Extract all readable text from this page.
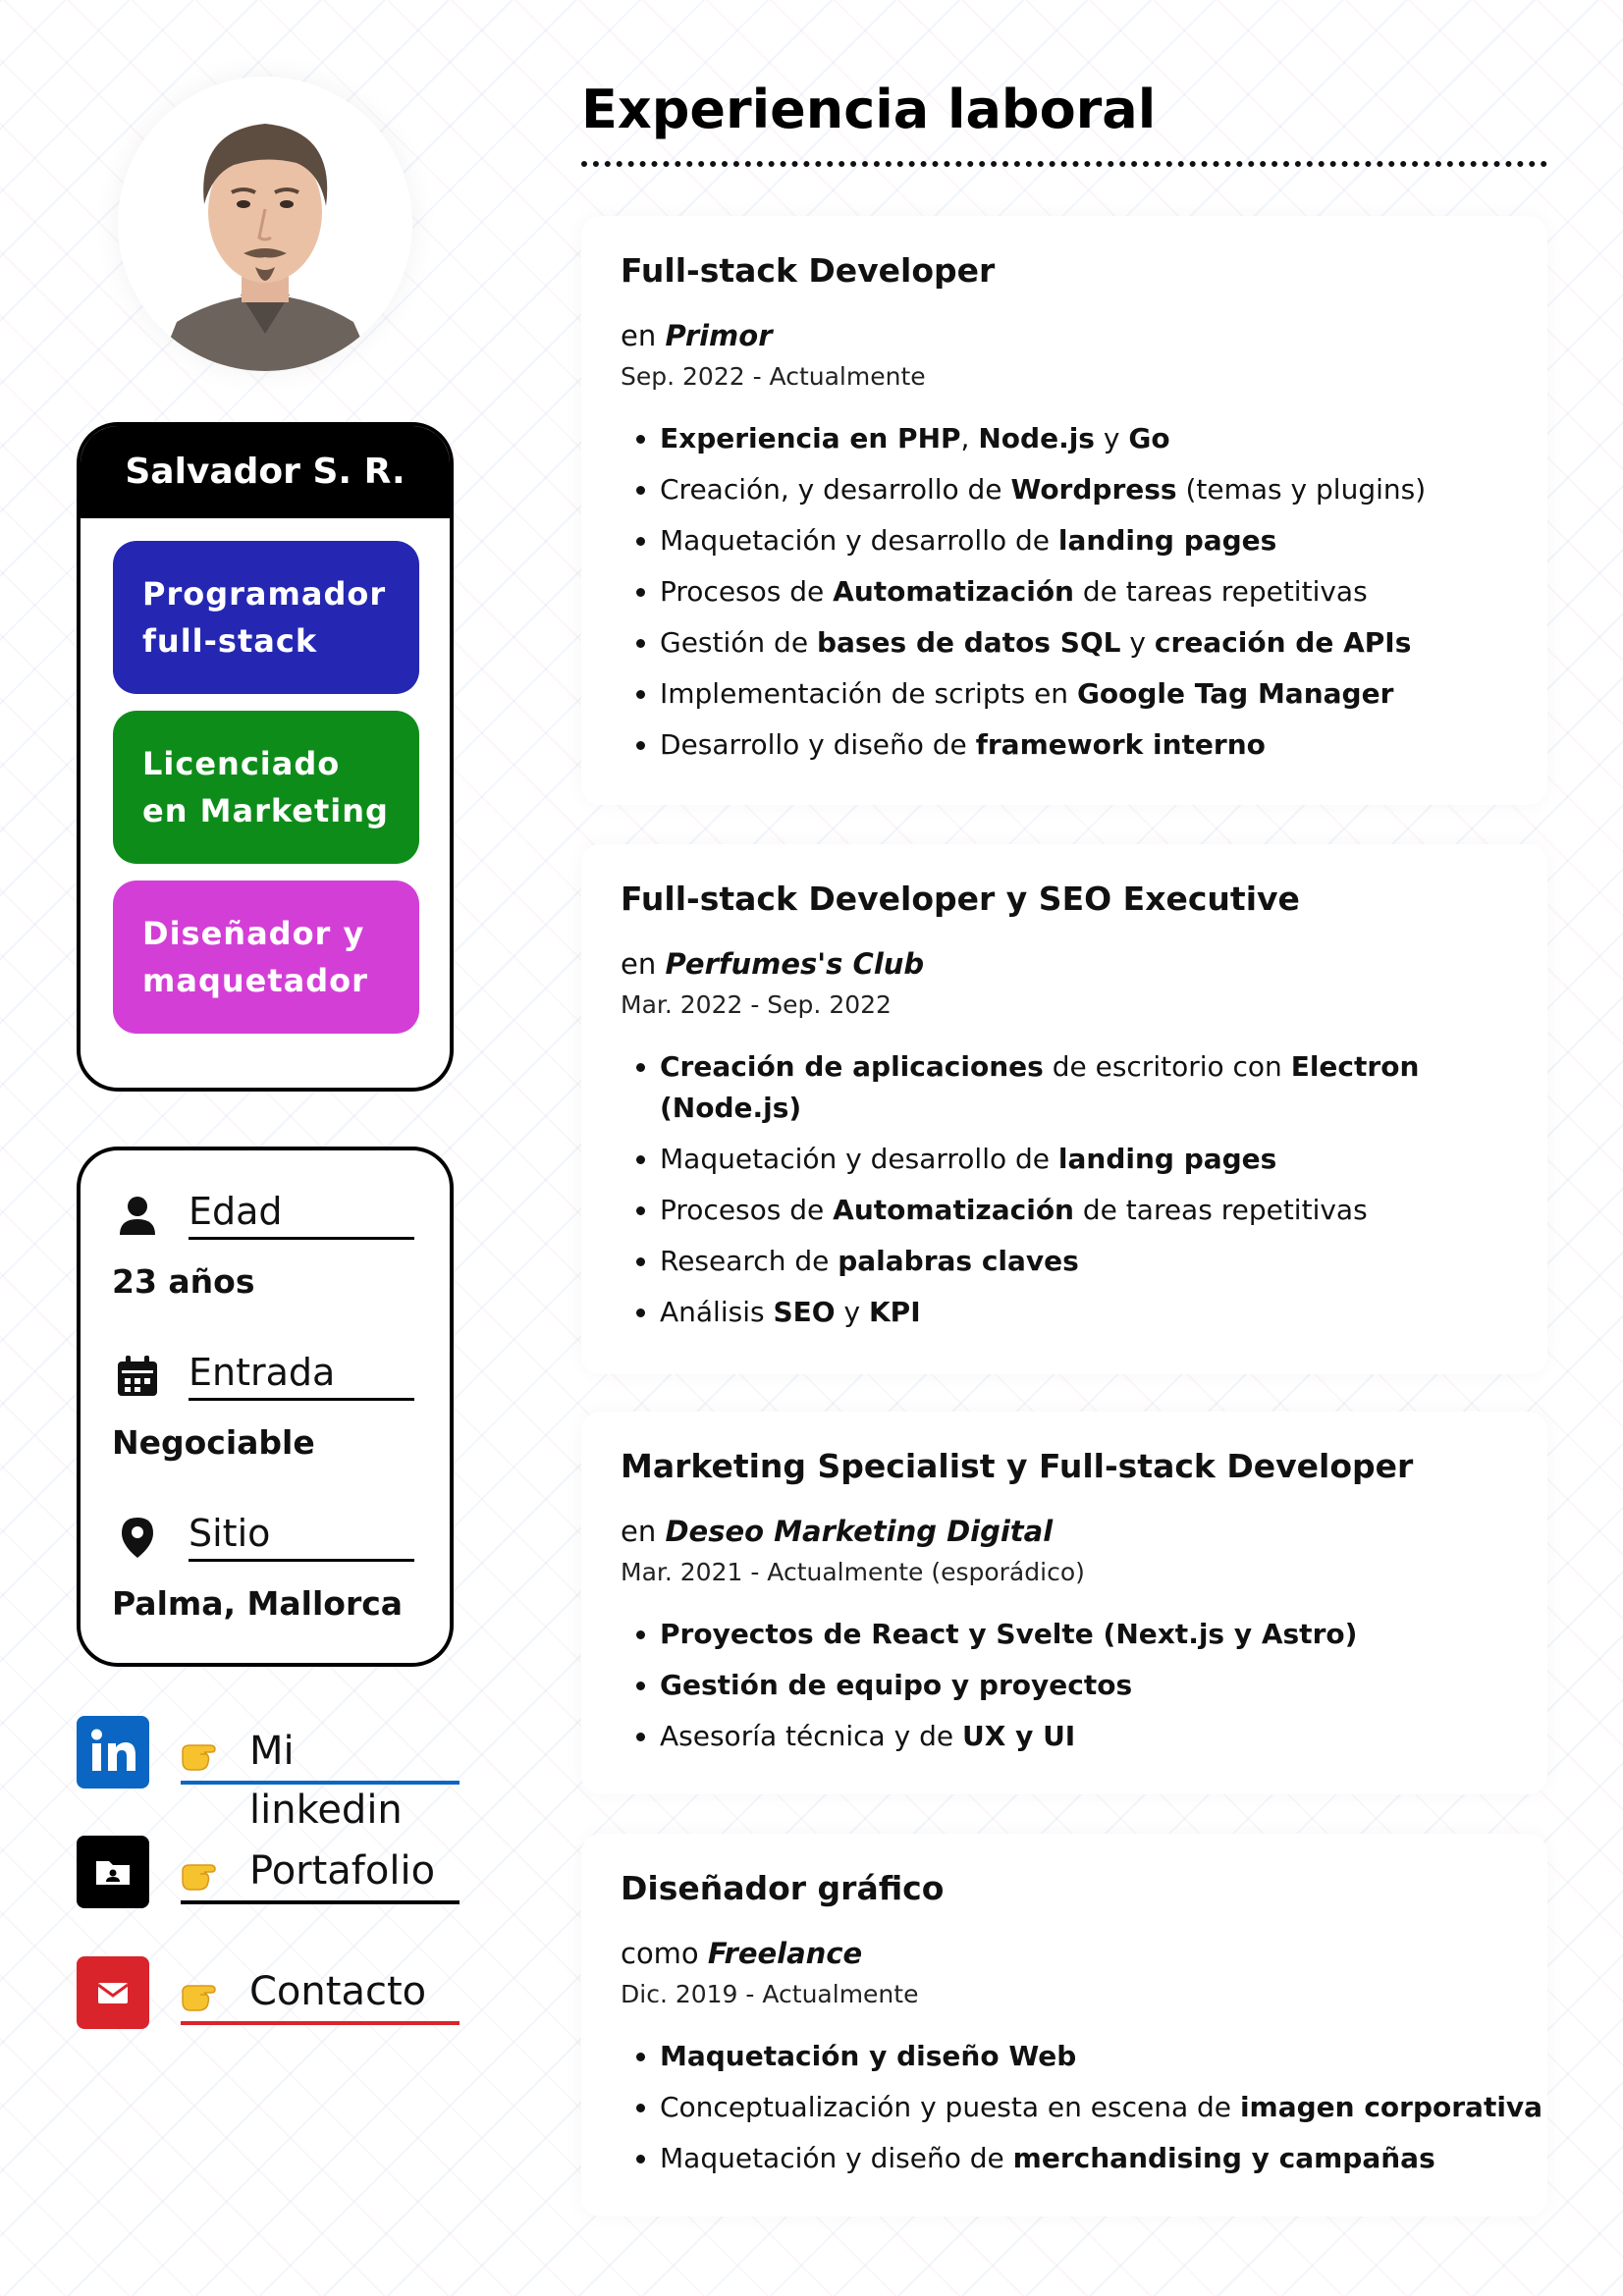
Salvador S. R.
Programador full-stack
Licenciado en Marketing
Diseñador y maquetador
Edad
23 años
Entrada
Negociable
Sitio
Palma, Mallorca
Mi linkedin
Portafolio
Contacto
Experiencia laboral
Full-stack Developer
en Primor
Sep. 2022 - Actualmente
• Experiencia en PHP, Node.js y Go
• Creación, y desarrollo de Wordpress (temas y plugins)
• Maquetación y desarrollo de landing pages
• Procesos de Automatización de tareas repetitivas
• Gestión de bases de datos SQL y creación de APIs
• Implementación de scripts en Google Tag Manager
• Desarrollo y diseño de framework interno
Full-stack Developer y SEO Executive
en Perfumes's Club
Mar. 2022 - Sep. 2022
• Creación de aplicaciones de escritorio con Electron (Node.js)
• Maquetación y desarrollo de landing pages
• Procesos de Automatización de tareas repetitivas
• Research de palabras claves
• Análisis SEO y KPI
Marketing Specialist y Full-stack Developer
en Deseo Marketing Digital
Mar. 2021 - Actualmente (esporádico)
• Proyectos de React y Svelte (Next.js y Astro)
• Gestión de equipo y proyectos
• Asesoría técnica y de UX y UI
Diseñador gráfico
como Freelance
Dic. 2019 - Actualmente
• Maquetación y diseño Web
• Conceptualización y puesta en escena de imagen corporativa
• Maquetación y diseño de merchandising y campañas
